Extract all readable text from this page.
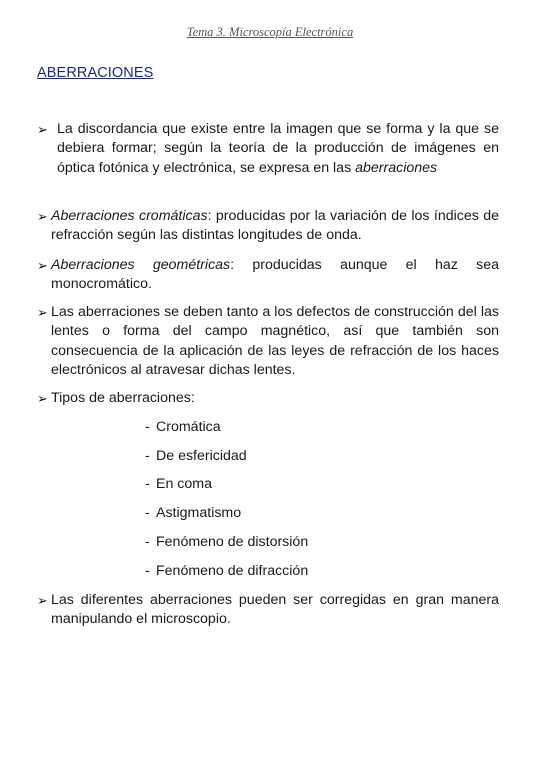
Tema 3. Microscopía Electrónica
ABERRACIONES
➢ La discordancia que existe entre la imagen que se forma y la que se debiera formar; según la teoría de la producción de imágenes en óptica fotónica y electrónica, se expresa en las aberraciones
➢ Aberraciones cromáticas: producidas por la variación de los índices de refracción según las distintas longitudes de onda.
➢ Aberraciones geométricas: producidas aunque el haz sea monocromático.
➢ Las aberraciones se deben tanto a los defectos de construcción del las lentes o forma del campo magnético, así que también son consecuencia de la aplicación de las leyes de refracción de los haces electrónicos al atravesar dichas lentes.
➢ Tipos de aberraciones:
- Cromática
- De esfericidad
- En coma
- Astigmatismo
- Fenómeno de distorsión
- Fenómeno de difracción
➢ Las diferentes aberraciones pueden ser corregidas en gran manera manipulando el microscopio.
